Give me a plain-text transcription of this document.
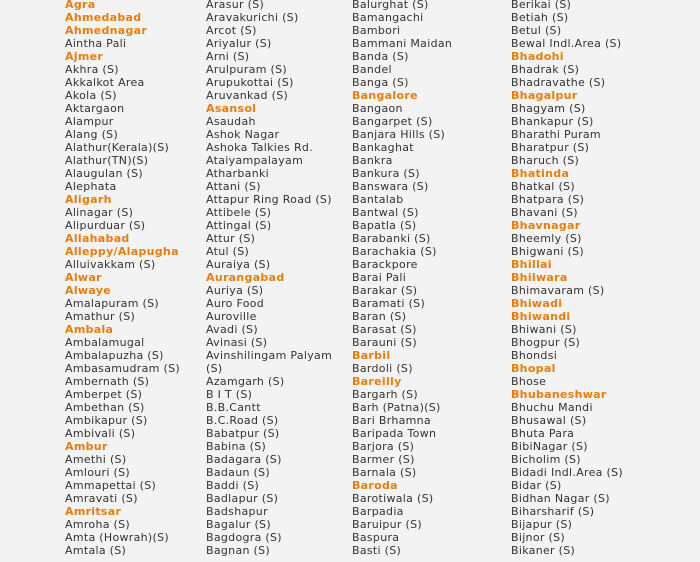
Agra
Ahmedabad
Ahmednagar
Aintha Pali
Ajmer
Akhra (S)
Akkalkot Area
Akola (S)
Aktargaon
Alampur
Alang (S)
Alathur(Kerala)(S)
Alathur(TN)(S)
Alaugulan (S)
Alephata
Aligarh
Alinagar (S)
Alipurduar (S)
Allahabad
Alleppy/Alapugha
Alluivakkam (S)
Alwar
Alwaye
Amalapuram (S)
Amathur (S)
Ambala
Ambalamugal
Ambalapuzha (S)
Ambasamudram (S)
Ambernath (S)
Amberpet (S)
Ambethan (S)
Ambikapur (S)
Ambivali (S)
Ambur
Amethi (S)
Amlouri (S)
Ammapettai (S)
Amravati (S)
Amritsar
Amroha (S)
Amta (Howrah)(S)
Amtala (S)
Arasur (S)
Aravakurichi (S)
Arcot (S)
Ariyalur (S)
Arni (S)
Arulpuram (S)
Arupukottai (S)
Aruvankad (S)
Asansol
Asaudah
Ashok Nagar
Ashoka Talkies Rd.
Ataiyampalayam
Atharbanki
Attani (S)
Attapur Ring Road (S)
Attibele (S)
Attingal (S)
Attur (S)
Atul (S)
Auraiya (S)
Aurangabad
Auriya (S)
Auro Food
Auroville
Avadi (S)
Avinasi (S)
Avinshilingam Palyam
(S)
Azamgarh (S)
B I T (S)
B.B.Cantt
B.C.Road (S)
Babatpur (S)
Babina (S)
Badagara (S)
Badaun (S)
Baddi (S)
Badlapur (S)
Badshapur
Bagalur (S)
Bagdogra (S)
Bagnan (S)
Balurghat (S)
Bamangachi
Bambori
Bammani Maidan
Banda (S)
Bandel
Banga (S)
Bangalore
Bangaon
Bangarpet (S)
Banjara Hills (S)
Bankaghat
Bankra
Bankura (S)
Banswara (S)
Bantalab
Bantwal (S)
Bapatla (S)
Barabanki (S)
Barachakia (S)
Barackpore
Barai Pali
Barakar (S)
Baramati (S)
Baran (S)
Barasat (S)
Barauni (S)
Barbil
Bardoli (S)
Bareilly
Bargarh (S)
Barh (Patna)(S)
Bari Brhamna
Baripada Town
Barjora (S)
Barmer (S)
Barnala (S)
Baroda
Barotiwala (S)
Barpadia
Baruipur (S)
Baspura
Basti (S)
Berikai (S)
Betiah (S)
Betul (S)
Bewal Indl.Area (S)
Bhadohi
Bhadrak (S)
Bhadravathe (S)
Bhagalpur
Bhagyam (S)
Bhankapur (S)
Bharathi Puram
Bharatpur (S)
Bharuch (S)
Bhatinda
Bhatkal (S)
Bhatpara (S)
Bhavani (S)
Bhavnagar
Bheemly (S)
Bhigwani (S)
Bhillai
Bhilwara
Bhimavaram (S)
Bhiwadi
Bhiwandi
Bhiwani (S)
Bhogpur (S)
Bhondsi
Bhopal
Bhose
Bhubaneshwar
Bhuchu Mandi
Bhusawal (S)
Bhuta Para
BibiNagar (S)
Bicholim (S)
Bidadi Indl.Area (S)
Bidar (S)
Bidhan Nagar (S)
Biharsharif (S)
Bijapur (S)
Bijnor (S)
Bikaner (S)
